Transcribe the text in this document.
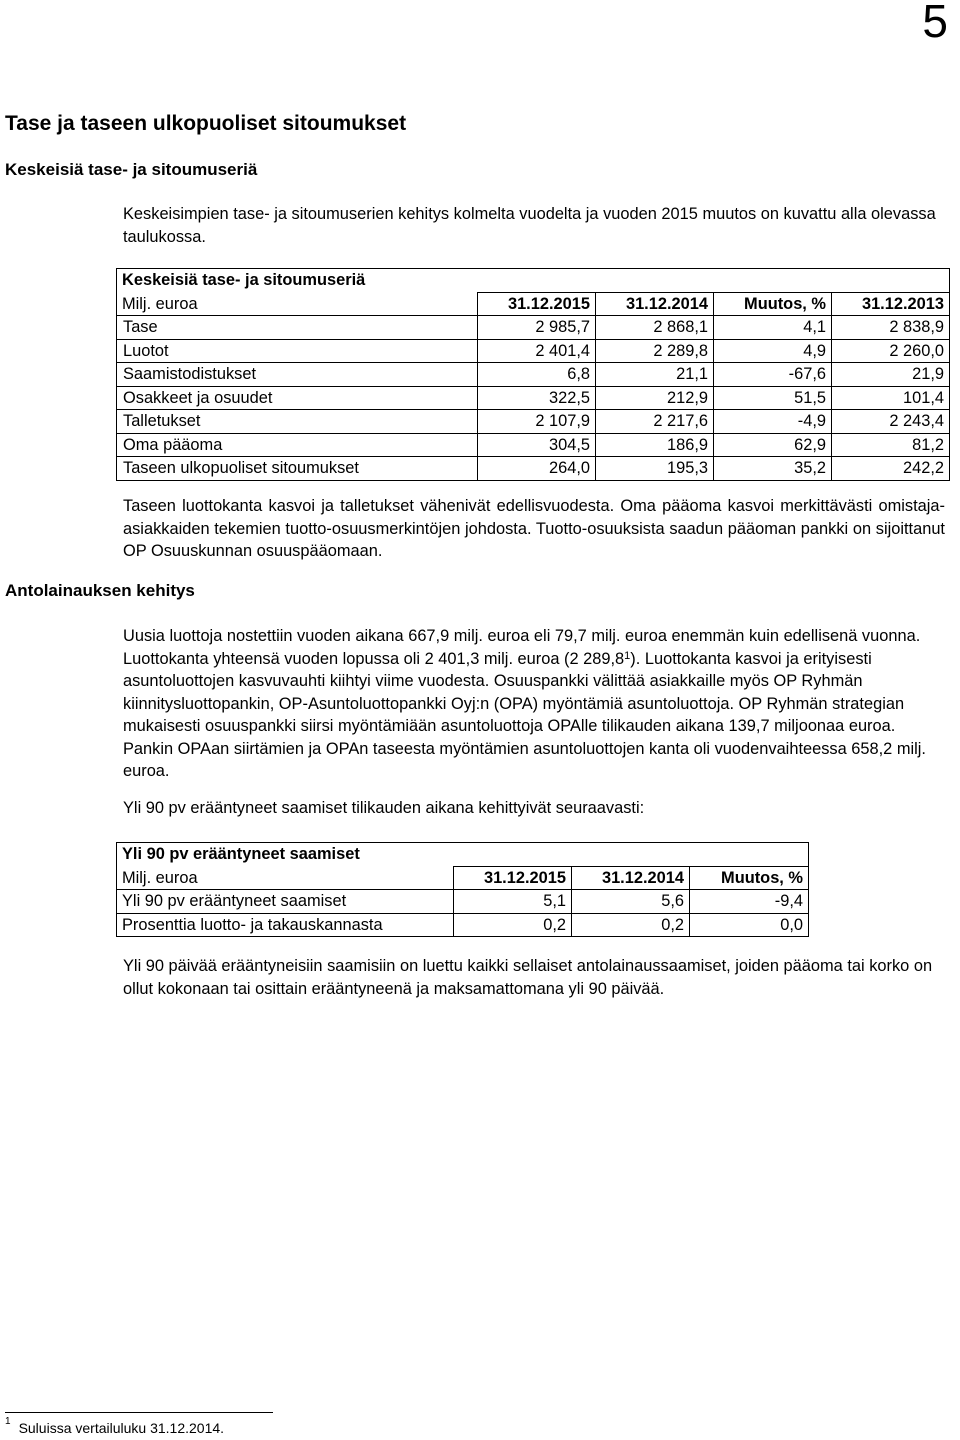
5
Tase ja taseen ulkopuoliset sitoumukset
Keskeisiä tase- ja sitoumuseriä

Keskeisimpien tase- ja sitoumuserien kehitys kolmelta vuodelta ja vuoden 2015 muutos on kuvattu alla olevassa taulukossa.

Keskeisiä tase- ja sitoumuseriä				
Milj. euroa	31.12.2015	31.12.2014	Muutos, %	31.12.2013
Tase	2 985,7	2 868,1	4,1	2 838,9
Luotot	2 401,4	2 289,8	4,9	2 260,0
Saamistodistukset	6,8	21,1	-67,6	21,9
Osakkeet ja osuudet	322,5	212,9	51,5	101,4
Talletukset	2 107,9	2 217,6	-4,9	2 243,4
Oma pääoma	304,5	186,9	62,9	81,2
Taseen ulkopuoliset sitoumukset	264,0	195,3	35,2	242,2

Taseen luottokanta kasvoi ja talletukset vähenivät edellisvuodesta. Oma pääoma kasvoi merkittävästi omistaja-asiakkaiden tekemien tuotto-osuusmerkintöjen johdosta. Tuotto-osuuksista saadun pääoman pankki on sijoittanut OP Osuuskunnan osuuspääomaan.

Antolainauksen kehitys

Uusia luottoja nostettiin vuoden aikana 667,9 milj. euroa eli 79,7 milj. euroa enemmän kuin edellisenä vuonna. Luottokanta yhteensä vuoden lopussa oli 2 401,3 milj. euroa (2 289,8$^1$). Luottokanta kasvoi ja erityisesti asuntoluottojen kasvuvauhti kiihtyi viime vuodesta. Osuuspankki välittää asiakkaille myös OP Ryhmän kiinnitysluottopankin, OP-Asuntoluottopankki Oyj:n (OPA) myöntämiä asuntoluottoja. OP Ryhmän strategian mukaisesti osuuspankki siirsi myöntämiään asuntoluottoja OPAlle tilikauden aikana 139,7 miljoonaa euroa. Pankin OPAan siirtämien ja OPAn taseesta myöntämien asuntoluottojen kanta oli vuodenvaihteessa 658,2 milj. euroa.

Yli 90 pv erääntyneet saamiset tilikauden aikana kehittyivät seuraavasti:

Yli 90 pv erääntyneet saamiset			
Milj. euroa	31.12.2015	31.12.2014	Muutos, %
Yli 90 pv erääntyneet saamiset	5,1	5,6	-9,4
Prosenttia luotto- ja takauskannasta	0,2	0,2	0,0

Yli 90 päivää erääntyneisiin saamisiin on luettu kaikki sellaiset antolainaussaamiset, joiden pääoma tai korko on ollut kokonaan tai osittain erääntyneenä ja maksamattomana yli 90 päivää.

$^1$ Suluissa vertailuluku 31.12.2014.
